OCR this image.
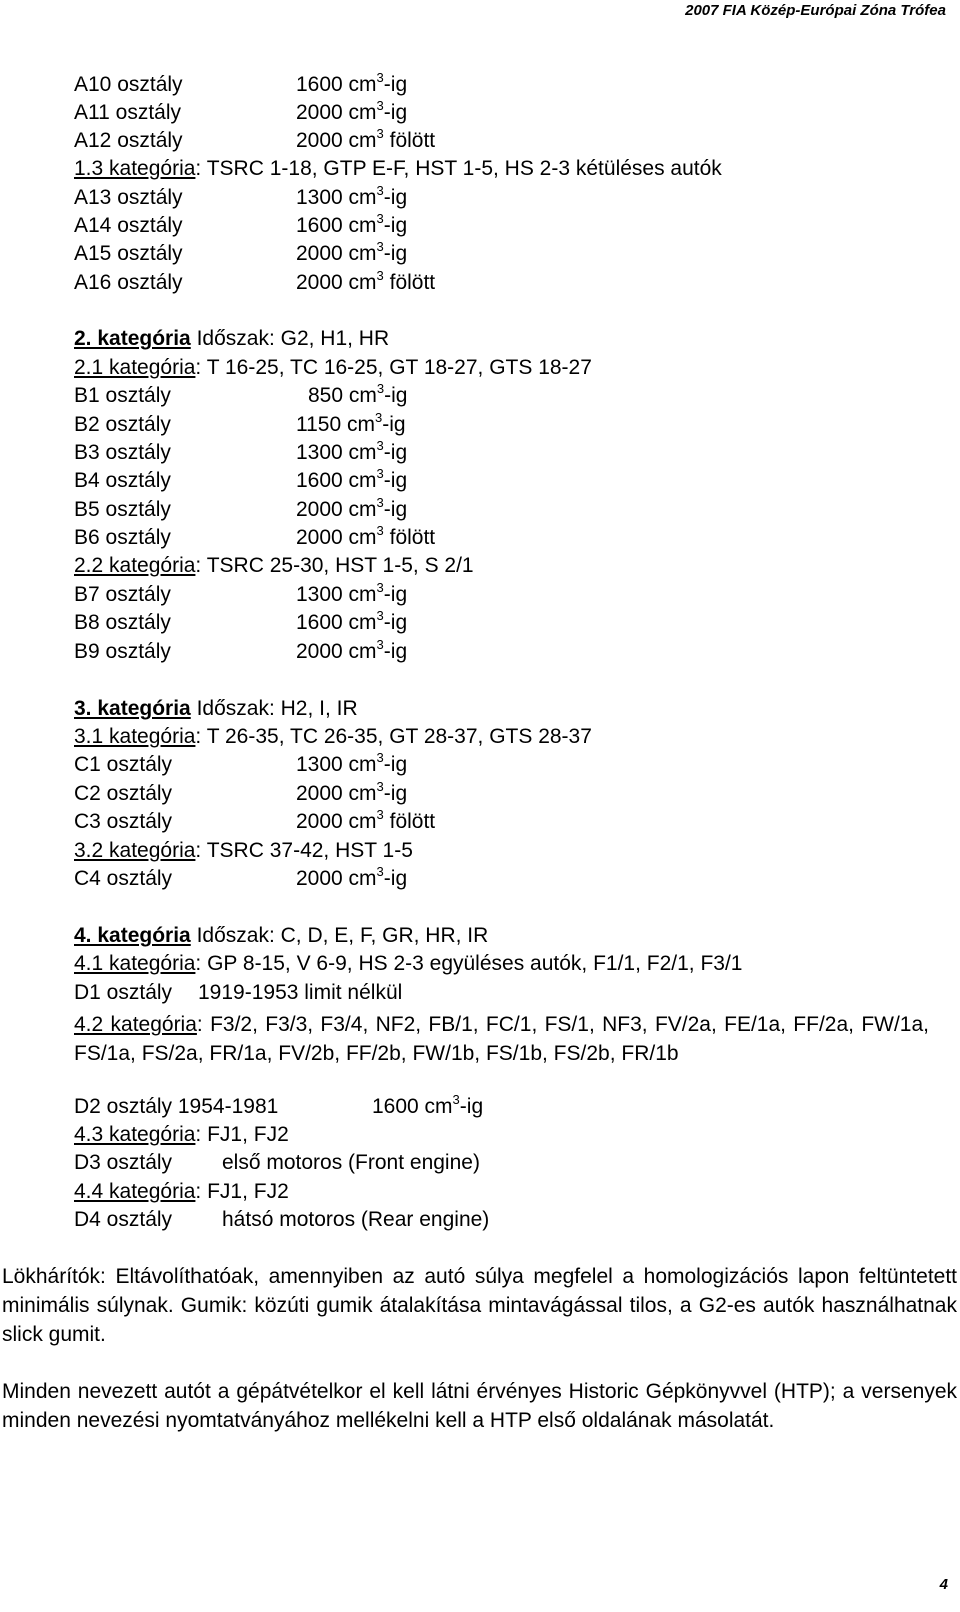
2007 FIA Közép-Európai Zóna Trófea
A10 osztály	1600 $cm^3-ig$
A11 osztály	2000 $cm^3-ig$
A12 osztály	2000 $cm^3$ fölött
1.3 kategória: TSRC 1-18, GTP E-F, HST 1-5, HS 2-3 kétüléses autók
A13 osztály	1300 $cm^3-ig$
A14 osztály	1600 $cm^3-ig$
A15 osztály	2000 $cm^3-ig$
A16 osztály	2000 $cm^3$ fölött
2. kategória Időszak: G2, H1, HR
2.1 kategória: T 16-25, TC 16-25, GT 18-27, GTS 18-27
B1 osztály	850 $cm^3-ig$
B2 osztály	1150 $cm^3-ig$
B3 osztály	1300 $cm^3-ig$
B4 osztály	1600 $cm^3-ig$
B5 osztály	2000 $cm^3-ig$
B6 osztály	2000 $cm^3$ fölött
2.2 kategória: TSRC 25-30, HST 1-5, S 2/1
B7 osztály	1300 $cm^3-ig$
B8 osztály	1600 $cm^3-ig$
B9 osztály	2000 $cm^3-ig$
3. kategória Időszak: H2, I, IR
3.1 kategória: T 26-35, TC 26-35, GT 28-37, GTS 28-37
C1 osztály	1300 $cm^3-ig$
C2 osztály	2000 $cm^3-ig$
C3 osztály	2000 $cm^3$ fölött
3.2 kategória: TSRC 37-42, HST 1-5
C4 osztály	2000 $cm^3-ig$
4. kategória Időszak: C, D, E, F, GR, HR, IR
4.1 kategória: GP 8-15, V 6-9, HS 2-3 együléses autók, F1/1, F2/1, F3/1
D1 osztály 1919-1953 limit nélkül
4.2 kategória: F3/2, F3/3, F3/4, NF2, FB/1, FC/1, FS/1, NF3, FV/2a, FE/1a, FF/2a, FW/1a, FS/1a, FS/2a, FR/1a, FV/2b, FF/2b, FW/1b, FS/1b, FS/2b, FR/1b
D2 osztály 1954-1981	1600 $cm^3-ig$
4.3 kategória: FJ1, FJ2
D3 osztály első motoros (Front engine)
4.4 kategória: FJ1, FJ2
D4 osztály hátsó motoros (Rear engine)
Lökhárítók: Eltávolíthatóak, amennyiben az autó súlya megfelel a homologizációs lapon feltüntetett minimális súlynak. Gumik: közúti gumik átalakítása mintavágással tilos, a G2-es autók használhatnak slick gumit.
Minden nevezett autót a gépátvételkor el kell látni érvényes Historic Gépkönyvvel (HTP); a versenyek minden nevezési nyomtatványához mellékelni kell a HTP első oldalának másolatát.
4
